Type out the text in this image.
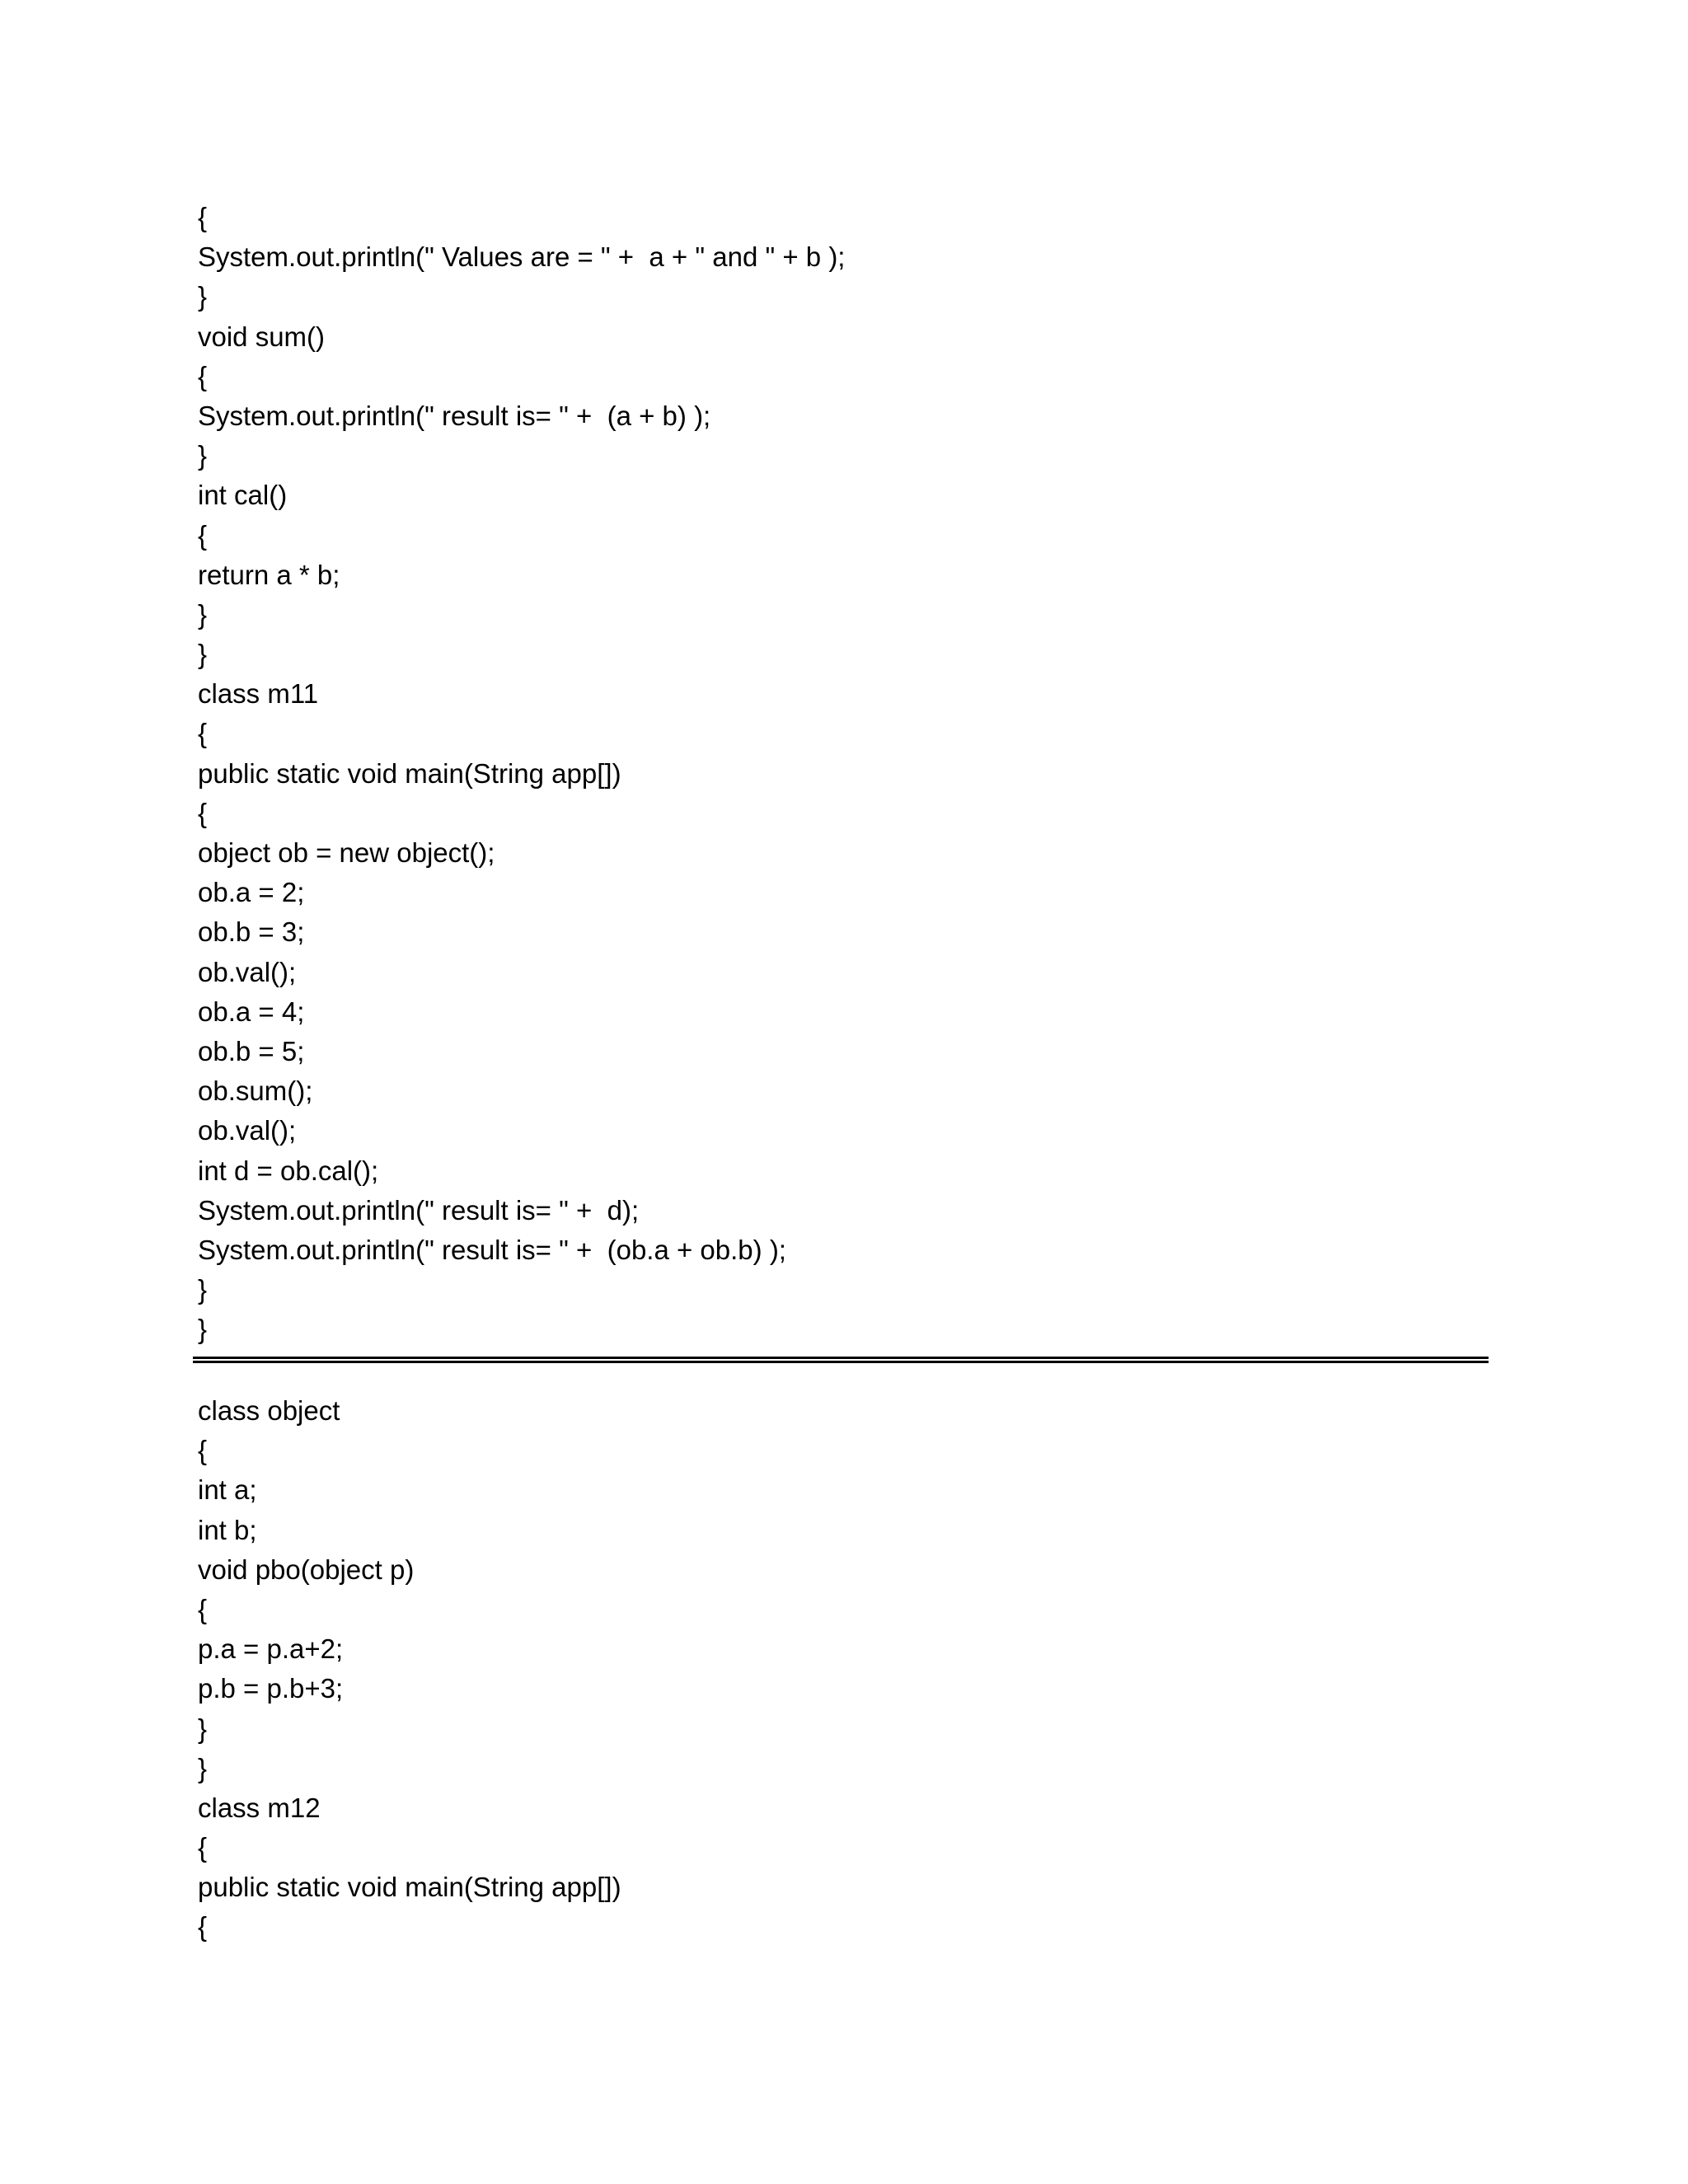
{
System.out.println(" Values are = " +  a + " and " + b );
}
void sum()
{
System.out.println(" result is= " +  (a + b) );
}
int cal()
{
return a * b;
}
}
class m11
{
public static void main(String app[])
{
object ob = new object();
ob.a = 2;
ob.b = 3;
ob.val();
ob.a = 4;
ob.b = 5;
ob.sum();
ob.val();
int d = ob.cal();
System.out.println(" result is= " +  d);
System.out.println(" result is= " +  (ob.a + ob.b) );
}
}
class object
{
int a;
int b;
void pbo(object p)
{
p.a = p.a+2;
p.b = p.b+3;
}
}
class m12
{
public static void main(String app[])
{
